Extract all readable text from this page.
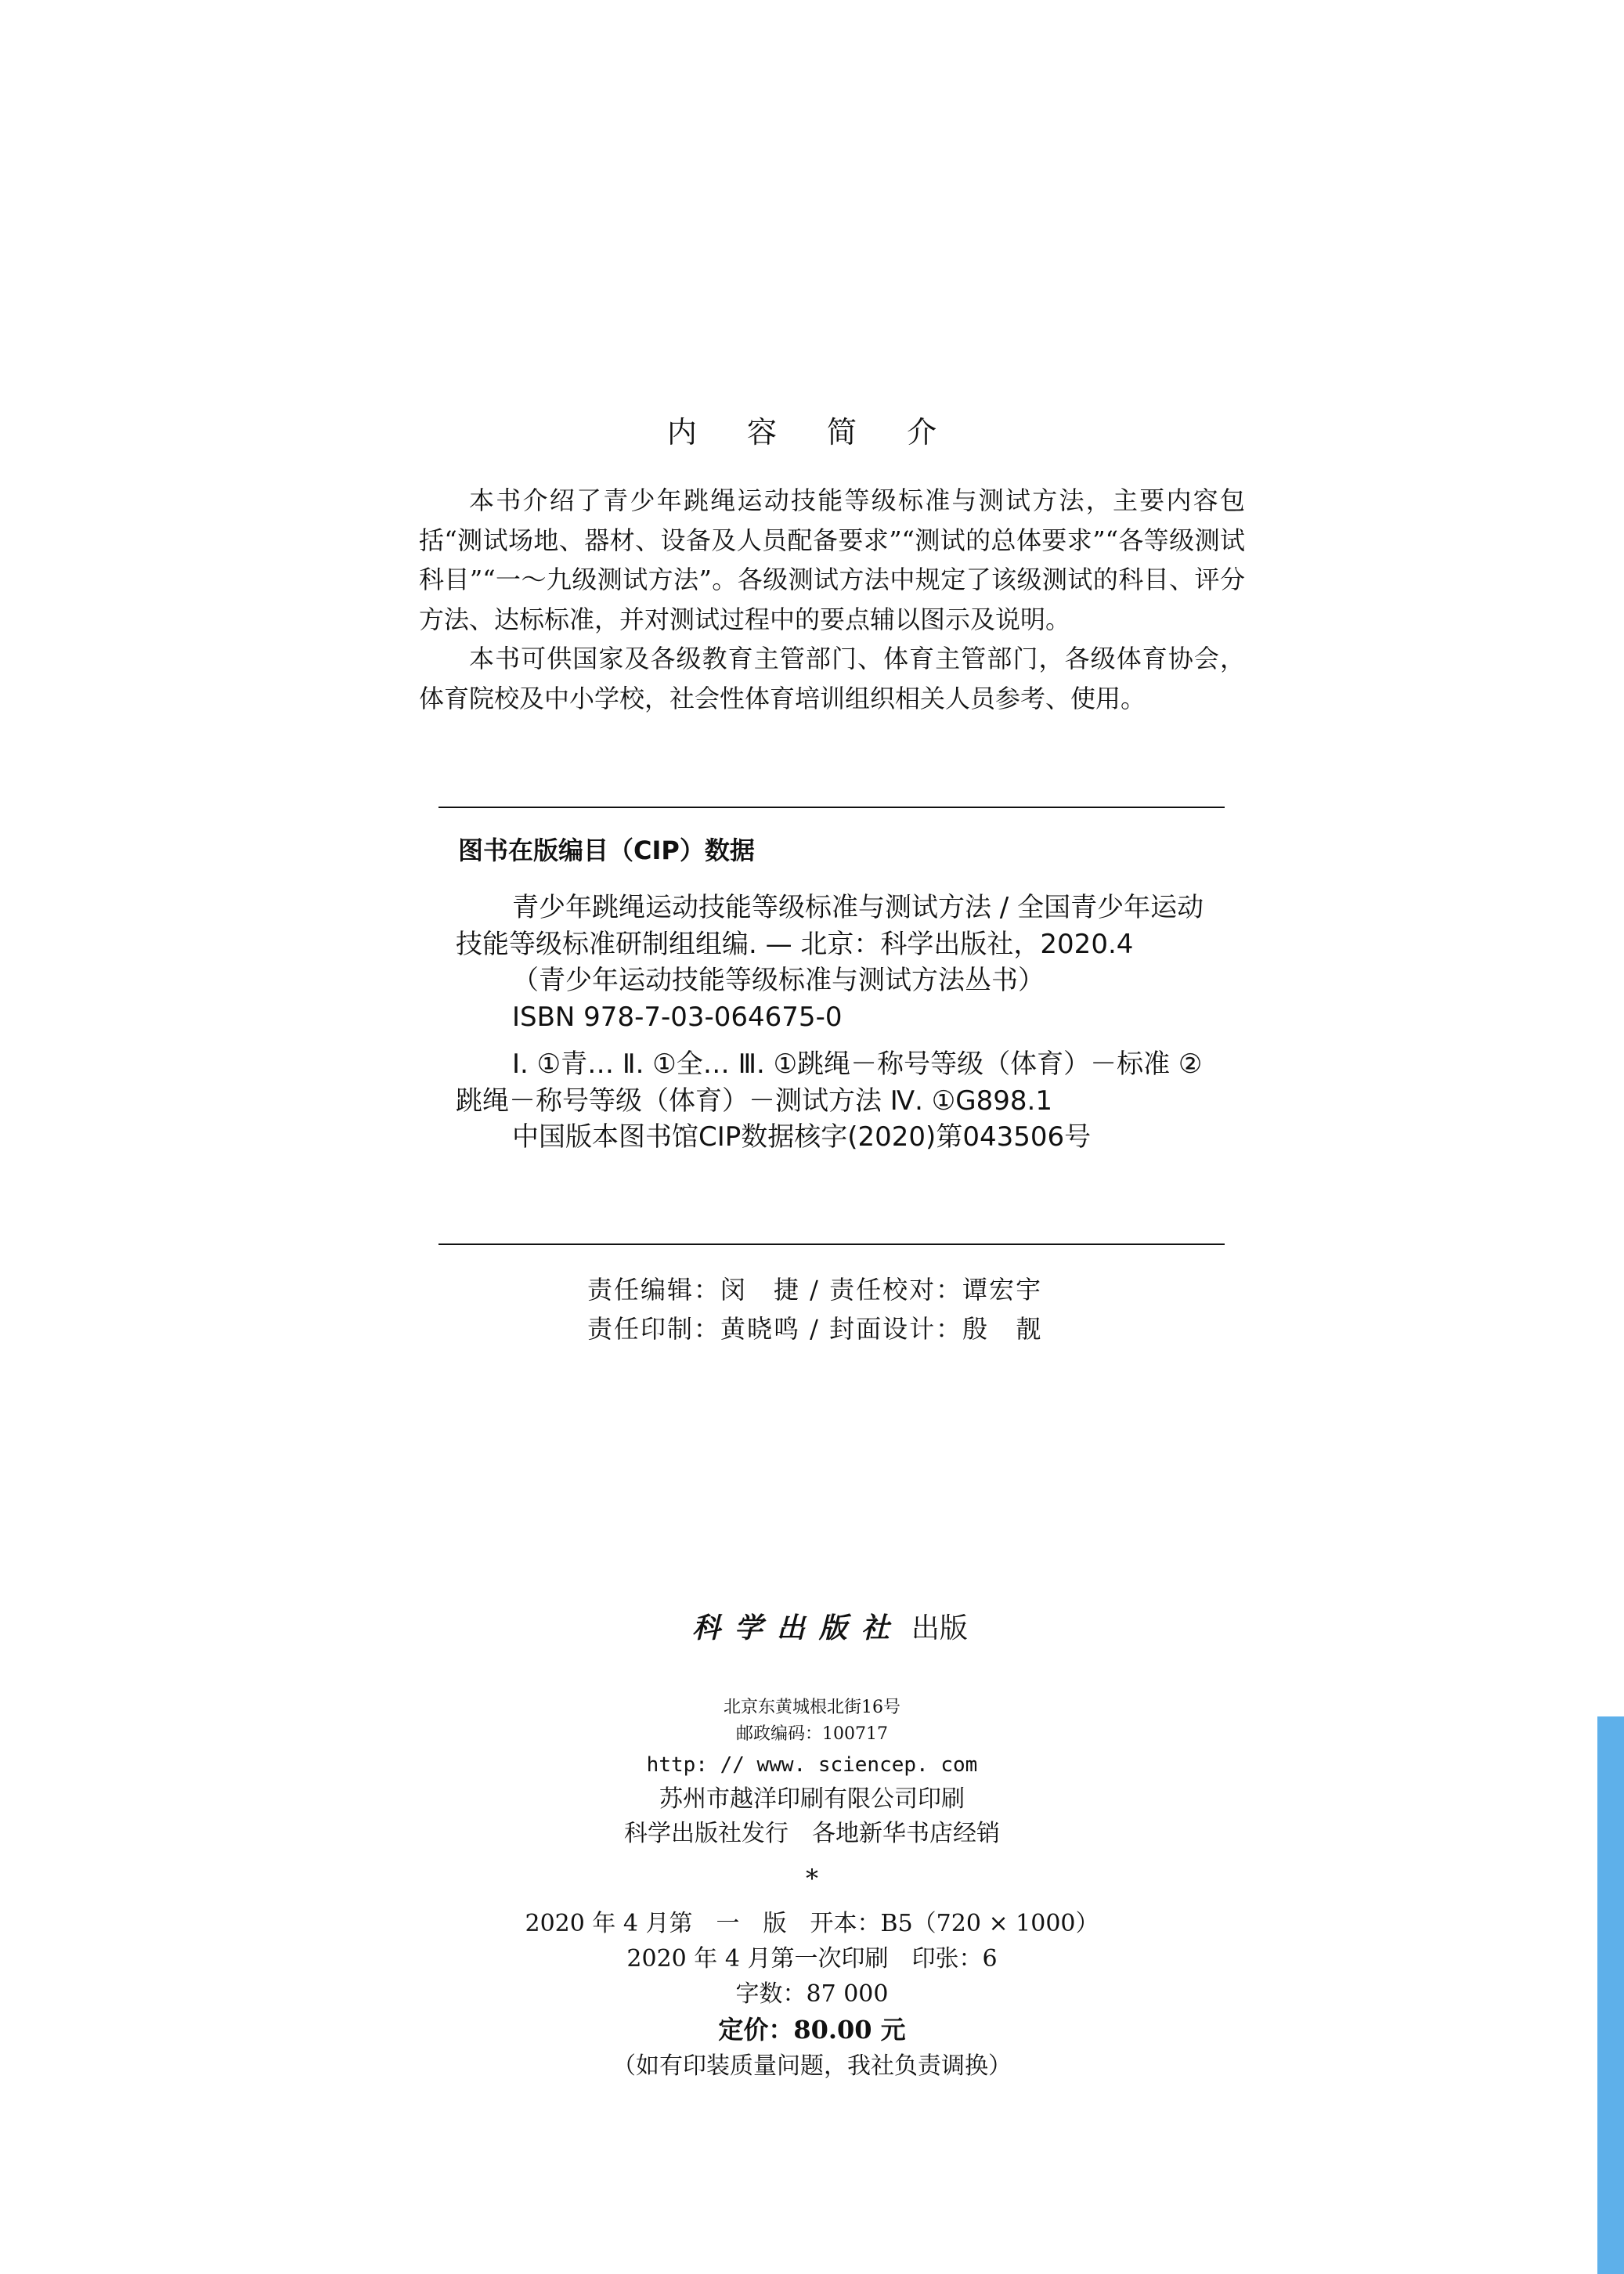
内 容 简 介

本书介绍了青少年跳绳运动技能等级标准与测试方法，主要内容包括“测试场地、器材、设备及人员配备要求”“测试的总体要求”“各等级测试科目”“一～九级测试方法”。各级测试方法中规定了该级测试的科目、评分方法、达标标准，并对测试过程中的要点辅以图示及说明。

本书可供国家及各级教育主管部门、体育主管部门，各级体育协会，体育院校及中小学校，社会性体育培训组织相关人员参考、使用。

图书在版编目（CIP）数据

青少年跳绳运动技能等级标准与测试方法 / 全国青少年运动技能等级标准研制组组编. — 北京：科学出版社，2020.4

（青少年运动技能等级标准与测试方法丛书）

ISBN 978-7-03-064675-0

Ⅰ. ①青… Ⅱ. ①全… Ⅲ. ①跳绳－称号等级（体育）－标准 ②跳绳－称号等级（体育）－测试方法 Ⅳ. ①G898.1

中国版本图书馆CIP数据核字(2020)第043506号

责任编辑：闵　捷 / 责任校对：谭宏宇
责任印制：黄晓鸣 / 封面设计：殷　靓

科学出版社 出版

北京东黄城根北街16号
邮政编码：100717
http: // www. sciencep. com
苏州市越洋印刷有限公司印刷
科学出版社发行　各地新华书店经销
*
2020 年 4 月第　一　版　开本：B5（720 × 1000）
2020 年 4 月第一次印刷　印张：6
字数：87 000
定价：80.00 元
（如有印装质量问题，我社负责调换）
